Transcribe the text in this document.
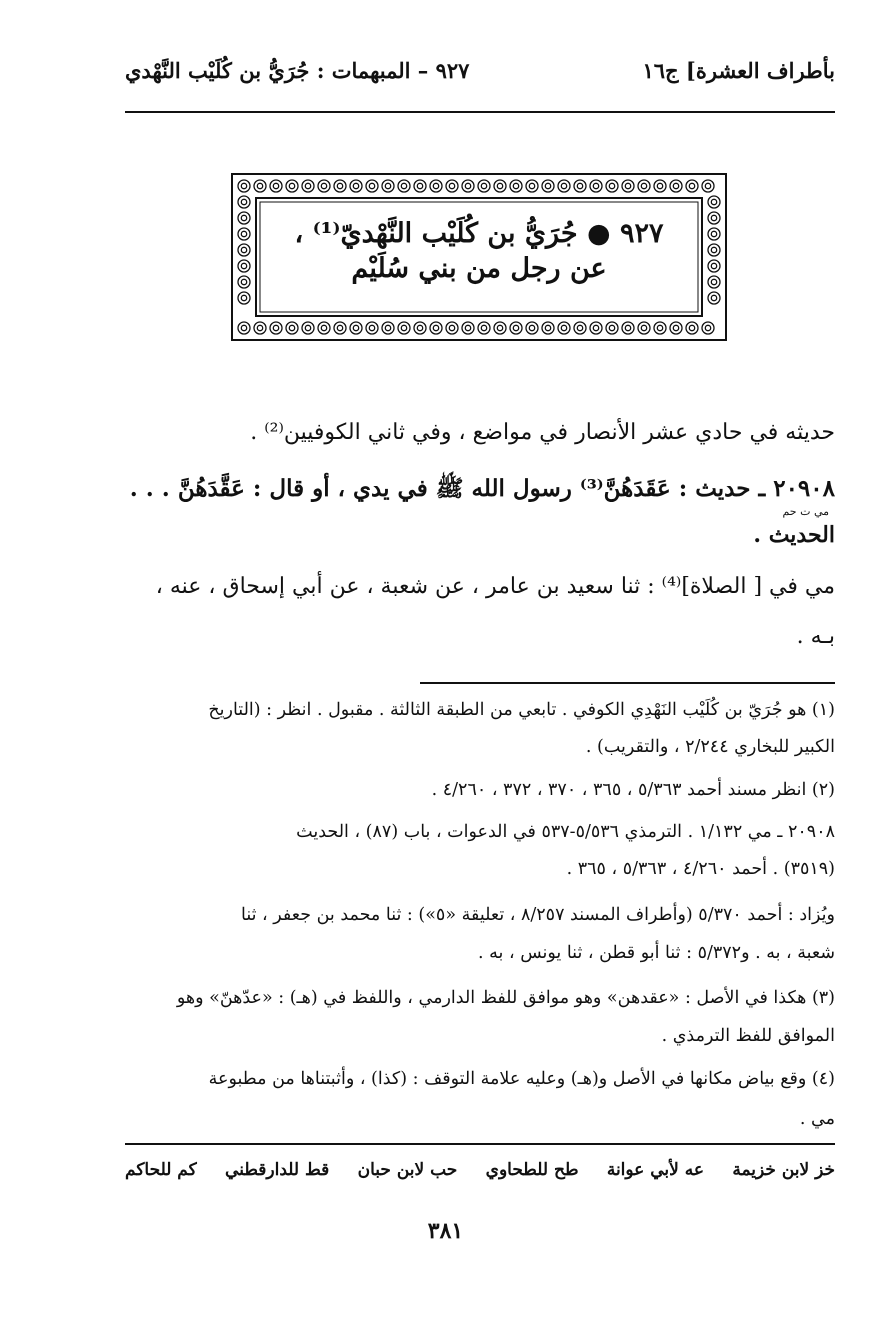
بأطراف العشرة] ج١٦
٩٢٧ – المبهمات : جُرَيُّ بن كُلَيْب النَّهْدي
٩٢٧ ● جُرَيُّ بن كُلَيْب النَّهْديّ⁽¹⁾ ،
عن رجل من بني سُلَيْم
حديثه في حادي عشر الأنصار في مواضع ، وفي ثاني الكوفيين⁽²⁾ .
٢٠٩٠٨ ـ حديث : عَقَدَهُنَّ⁽³⁾ رسول الله ﷺ في يدي ، أو قال : عَقَّدَهُنَّ . . .
مي ت حم
الحديث .
مي في [ الصلاة]⁽⁴⁾ : ثنا سعيد بن عامر ، عن شعبة ، عن أبي إسحاق ، عنه ،
بـه .
(١) هو جُرَيّ بن كُلَيْب النَهْدِي الكوفي . تابعي من الطبقة الثالثة . مقبول . انظر : (التاريخ
الكبير للبخاري ٢/٢٤٤ ، والتقريب) .
(٢) انظر مسند أحمد ٥/٣٦٣ ، ٣٦٥ ، ٣٧٠ ، ٣٧٢ ، ٤/٢٦٠ .
٢٠٩٠٨ ـ مي ١/١٣٢ . الترمذي ٥/٥٣٦-٥٣٧ في الدعوات ، باب (٨٧) ، الحديث
(٣٥١٩) . أحمد ٤/٢٦٠ ، ٥/٣٦٣ ، ٣٦٥ .
ويُزاد : أحمد ٥/٣٧٠ (وأطراف المسند ٨/٢٥٧ ، تعليقة «٥») : ثنا محمد بن جعفر ، ثنا
شعبة ، به . و٥/٣٧٢ : ثنا أبو قطن ، ثنا يونس ، به .
(٣) هكذا في الأصل : «عقدهن» وهو موافق للفظ الدارمي ، واللفظ في (هـ) : «عدّهنّ» وهو
الموافق للفظ الترمذي .
(٤) وقع بياض مكانها في الأصل و(هـ) وعليه علامة التوقف : (كذا) ، وأثبتناها من مطبوعة
مي .
خز لابن خزيمة
عه لأبي عوانة
طح للطحاوي
حب لابن حبان
قط للدارقطني
كم للحاكم
٣٨١
